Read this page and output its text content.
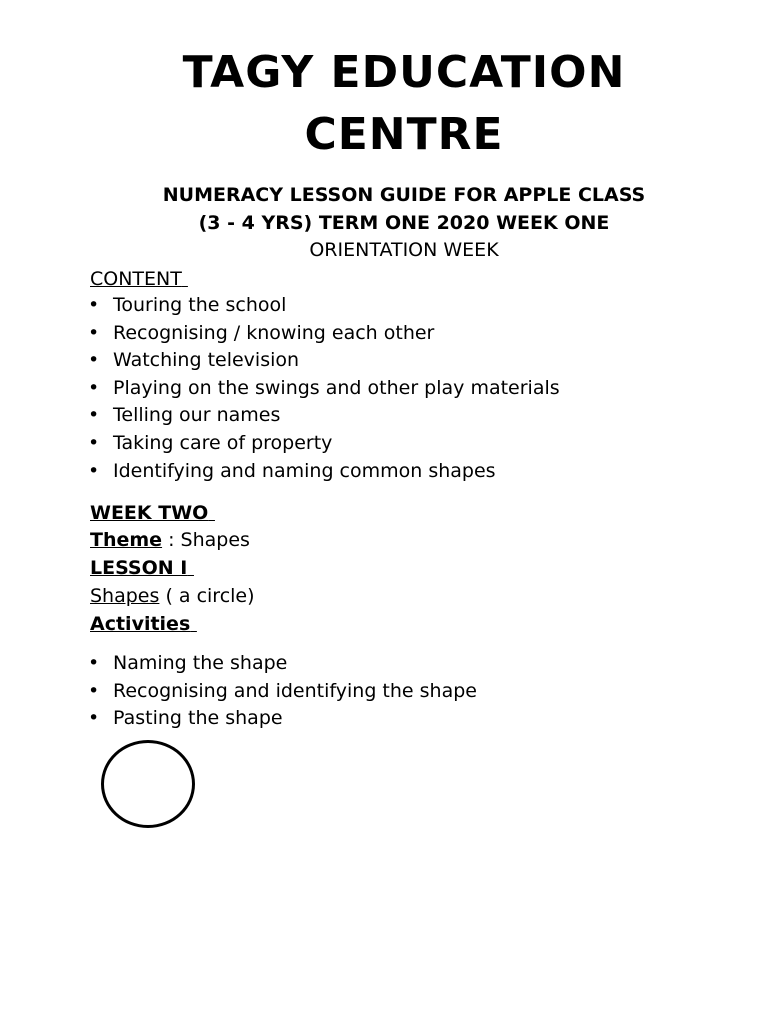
TAGY EDUCATION
CENTRE
NUMERACY LESSON GUIDE FOR APPLE CLASS
(3 - 4 YRS) TERM ONE 2020 WEEK ONE
ORIENTATION WEEK
CONTENT
• Touring the school
• Recognising / knowing each other
• Watching television
• Playing on the swings and other play materials
• Telling our names
• Taking care of property
• Identifying and naming common shapes
WEEK TWO
Theme : Shapes
LESSON I
Shapes ( a circle)
Activities
• Naming the shape
• Recognising and identifying the shape
• Pasting the shape
